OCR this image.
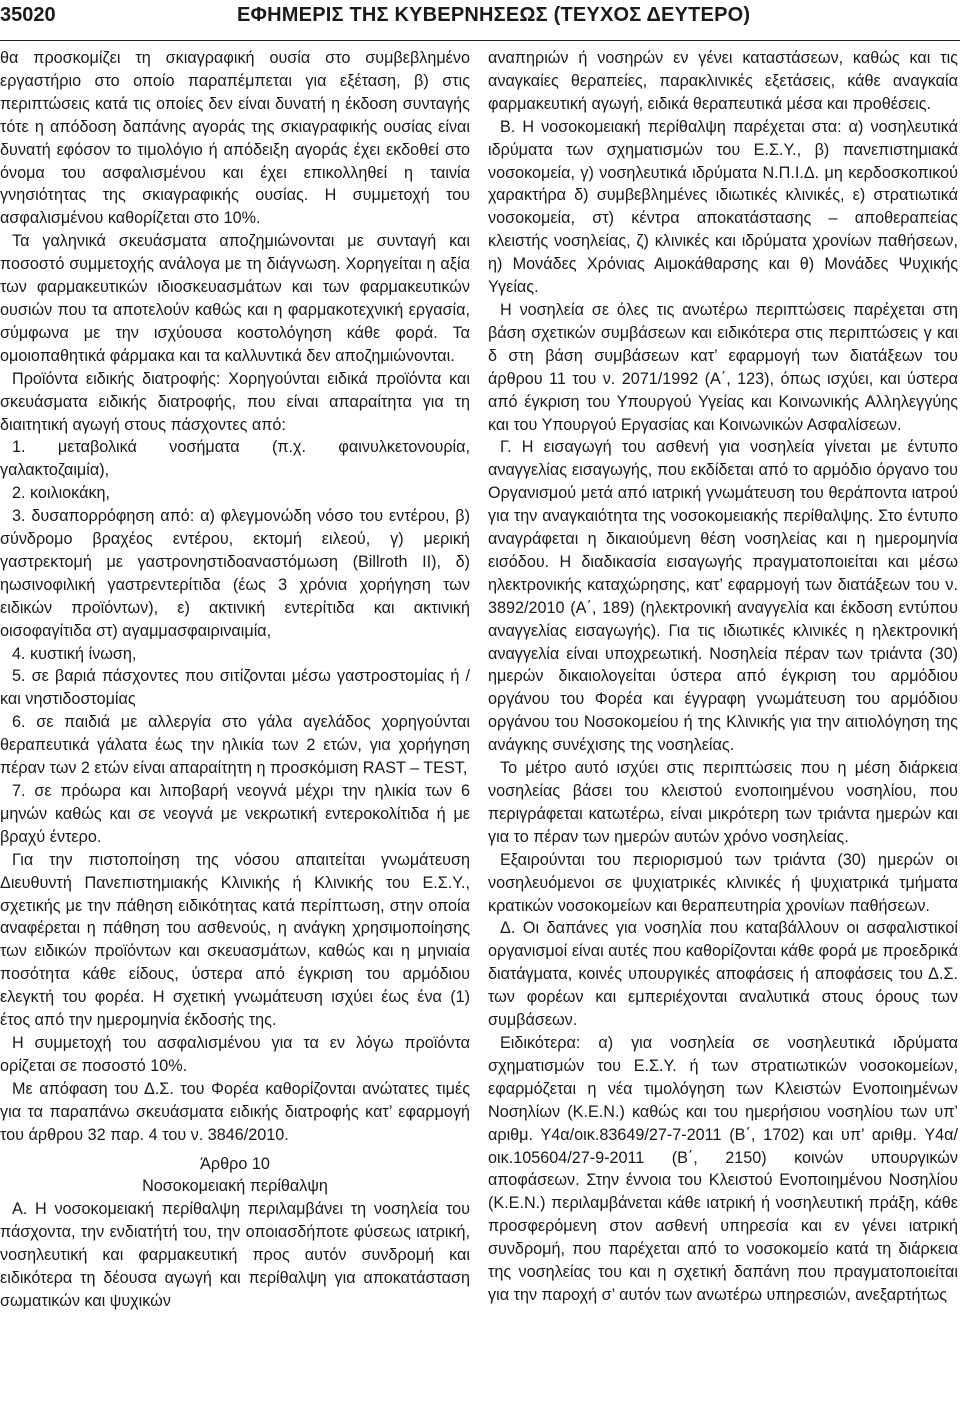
35020	ΕΦΗΜΕΡΙΣ ΤΗΣ ΚΥΒΕΡΝΗΣΕΩΣ (ΤΕΥΧΟΣ ΔΕΥΤΕΡΟ)

θα προσκομίζει τη σκιαγραφική ουσία στο συμβεβλημένο εργαστήριο στο οποίο παραπέμπεται για εξέταση, β) στις περιπτώσεις κατά τις οποίες δεν είναι δυνατή η έκδοση συνταγής τότε η απόδοση δαπάνης αγοράς της σκιαγραφικής ουσίας είναι δυνατή εφόσον το τιμολόγιο ή απόδειξη αγοράς έχει εκδοθεί στο όνομα του ασφαλισμένου και έχει επικολληθεί η ταινία γνησιότητας της σκιαγραφικής ουσίας. Η συμμετοχή του ασφαλισμένου καθορίζεται στο 10%.

Τα γαληνικά σκευάσματα αποζημιώνονται με συνταγή και ποσοστό συμμετοχής ανάλογα με τη διάγνωση. Χορηγείται η αξία των φαρμακευτικών ιδιοσκευασμάτων και των φαρμακευτικών ουσιών που τα αποτελούν καθώς και η φαρμακοτεχνική εργασία, σύμφωνα με την ισχύουσα κοστολόγηση κάθε φορά. Τα ομοιοπαθητικά φάρμακα και τα καλλυντικά δεν αποζημιώνονται.

Προϊόντα ειδικής διατροφής: Χορηγούνται ειδικά προϊόντα και σκευάσματα ειδικής διατροφής, που είναι απαραίτητα για τη διαιτητική αγωγή στους πάσχοντες από:

1. μεταβολικά νοσήματα (π.χ. φαινυλκετονουρία, γαλακτοζαιμία),

2. κοιλιοκάκη,

3. δυσαπορρόφηση από: α) φλεγμονώδη νόσο του εντέρου, β) σύνδρομο βραχέος εντέρου, εκτομή ειλεού, γ) μερική γαστρεκτομή με γαστρονηστιδοαναστόμωση (Billroth II), δ) ηωσινοφιλική γαστρεντερίτιδα (έως 3 χρόνια χορήγηση των ειδικών προϊόντων), ε) ακτινική εντερίτιδα και ακτινική οισοφαγίτιδα στ) αγαμμασφαιριναιμία,

4. κυστική ίνωση,

5. σε βαριά πάσχοντες που σιτίζονται μέσω γαστροστομίας ή / και νηστιδοστομίας

6. σε παιδιά με αλλεργία στο γάλα αγελάδος χορηγούνται θεραπευτικά γάλατα έως την ηλικία των 2 ετών, για χορήγηση πέραν των 2 ετών είναι απαραίτητη η προσκόμιση RAST – TEST,

7. σε πρόωρα και λιποβαρή νεογνά μέχρι την ηλικία των 6 μηνών καθώς και σε νεογνά με νεκρωτική εντεροκολίτιδα ή με βραχύ έντερο.

Για την πιστοποίηση της νόσου απαιτείται γνωμάτευση Διευθυντή Πανεπιστημιακής Κλινικής ή Κλινικής του Ε.Σ.Υ., σχετικής με την πάθηση ειδικότητας κατά περίπτωση, στην οποία αναφέρεται η πάθηση του ασθενούς, η ανάγκη χρησιμοποίησης των ειδικών προϊόντων και σκευασμάτων, καθώς και η μηνιαία ποσότητα κάθε είδους, ύστερα από έγκριση του αρμόδιου ελεγκτή του φορέα. Η σχετική γνωμάτευση ισχύει έως ένα (1) έτος από την ημερομηνία έκδοσής της.

Η συμμετοχή του ασφαλισμένου για τα εν λόγω προϊόντα ορίζεται σε ποσοστό 10%.

Με απόφαση του Δ.Σ. του Φορέα καθορίζονται ανώτατες τιμές για τα παραπάνω σκευάσματα ειδικής διατροφής κατ’ εφαρμογή του άρθρου 32 παρ. 4 του ν. 3846/2010.

Άρθρο 10

Νοσοκομειακή περίθαλψη

Α. Η νοσοκομειακή περίθαλψη περιλαμβάνει τη νοσηλεία του πάσχοντα, την ενδιατήτή του, την οποιασδήποτε φύσεως ιατρική, νοσηλευτική και φαρμακευτική προς αυτόν συνδρομή και ειδικότερα τη δέουσα αγωγή και περίθαλψη για αποκατάσταση σωματικών και ψυχικών

αναπηριών ή νοσηρών εν γένει καταστάσεων, καθώς και τις αναγκαίες θεραπείες, παρακλινικές εξετάσεις, κάθε αναγκαία φαρμακευτική αγωγή, ειδικά θεραπευτικά μέσα και προθέσεις.

Β. Η νοσοκομειακή περίθαλψη παρέχεται στα: α) νοσηλευτικά ιδρύματα των σχηματισμών του Ε.Σ.Υ., β) πανεπιστημιακά νοσοκομεία, γ) νοσηλευτικά ιδρύματα Ν.Π.Ι.Δ. μη κερδοσκοπικού χαρακτήρα δ) συμβεβλημένες ιδιωτικές κλινικές, ε) στρατιωτικά νοσοκομεία, στ) κέντρα αποκατάστασης – αποθεραπείας κλειστής νοσηλείας, ζ) κλινικές και ιδρύματα χρονίων παθήσεων, η) Μονάδες Χρόνιας Αιμοκάθαρσης και θ) Μονάδες Ψυχικής Υγείας.

Η νοσηλεία σε όλες τις ανωτέρω περιπτώσεις παρέχεται στη βάση σχετικών συμβάσεων και ειδικότερα στις περιπτώσεις γ και δ στη βάση συμβάσεων κατ’ εφαρμογή των διατάξεων του άρθρου 11 του ν. 2071/1992 (Α΄, 123), όπως ισχύει, και ύστερα από έγκριση του Υπουργού Υγείας και Κοινωνικής Αλληλεγγύης και του Υπουργού Εργασίας και Κοινωνικών Ασφαλίσεων.

Γ. Η εισαγωγή του ασθενή για νοσηλεία γίνεται με έντυπο αναγγελίας εισαγωγής, που εκδίδεται από το αρμόδιο όργανο του Οργανισμού μετά από ιατρική γνωμάτευση του θεράποντα ιατρού για την αναγκαιότητα της νοσοκομειακής περίθαλψης. Στο έντυπο αναγράφεται η δικαιούμενη θέση νοσηλείας και η ημερομηνία εισόδου. Η διαδικασία εισαγωγής πραγματοποιείται και μέσω ηλεκτρονικής καταχώρησης, κατ’ εφαρμογή των διατάξεων του ν. 3892/2010 (Α΄, 189) (ηλεκτρονική αναγγελία και έκδοση εντύπου αναγγελίας εισαγωγής). Για τις ιδιωτικές κλινικές η ηλεκτρονική αναγγελία είναι υποχρεωτική. Νοσηλεία πέραν των τριάντα (30) ημερών δικαιολογείται ύστερα από έγκριση του αρμόδιου οργάνου του Φορέα και έγγραφη γνωμάτευση του αρμόδιου οργάνου του Νοσοκομείου ή της Κλινικής για την αιτιολόγηση της ανάγκης συνέχισης της νοσηλείας.

Το μέτρο αυτό ισχύει στις περιπτώσεις που η μέση διάρκεια νοσηλείας βάσει του κλειστού ενοποιημένου νοσηλίου, που περιγράφεται κατωτέρω, είναι μικρότερη των τριάντα ημερών και για το πέραν των ημερών αυτών χρόνο νοσηλείας.

Εξαιρούνται του περιορισμού των τριάντα (30) ημερών οι νοσηλευόμενοι σε ψυχιατρικές κλινικές ή ψυχιατρικά τμήματα κρατικών νοσοκομείων και θεραπευτηρία χρονίων παθήσεων.

Δ. Οι δαπάνες για νοσηλία που καταβάλλουν οι ασφαλιστικοί οργανισμοί είναι αυτές που καθορίζονται κάθε φορά με προεδρικά διατάγματα, κοινές υπουργικές αποφάσεις ή αποφάσεις του Δ.Σ. των φορέων και εμπεριέχονται αναλυτικά στους όρους των συμβάσεων.

Ειδικότερα: α) για νοσηλεία σε νοσηλευτικά ιδρύματα σχηματισμών του Ε.Σ.Υ. ή των στρατιωτικών νοσοκομείων, εφαρμόζεται η νέα τιμολόγηση των Κλειστών Ενοποιημένων Νοσηλίων (Κ.Ε.Ν.) καθώς και του ημερήσιου νοσηλίου των υπ’ αριθμ. Υ4α/οικ.83649/27-7-2011 (Β΄, 1702) και υπ’ αριθμ. Υ4α/οικ.105604/27-9-2011 (Β΄, 2150) κοινών υπουργικών αποφάσεων. Στην έννοια του Κλειστού Ενοποιημένου Νοσηλίου (Κ.Ε.Ν.) περιλαμβάνεται κάθε ιατρική ή νοσηλευτική πράξη, κάθε προσφερόμενη στον ασθενή υπηρεσία και εν γένει ιατρική συνδρομή, που παρέχεται από το νοσοκομείο κατά τη διάρκεια της νοσηλείας του και η σχετική δαπάνη που πραγματοποιείται για την παροχή σ’ αυτόν των ανωτέρω υπηρεσιών, ανεξαρτήτως
